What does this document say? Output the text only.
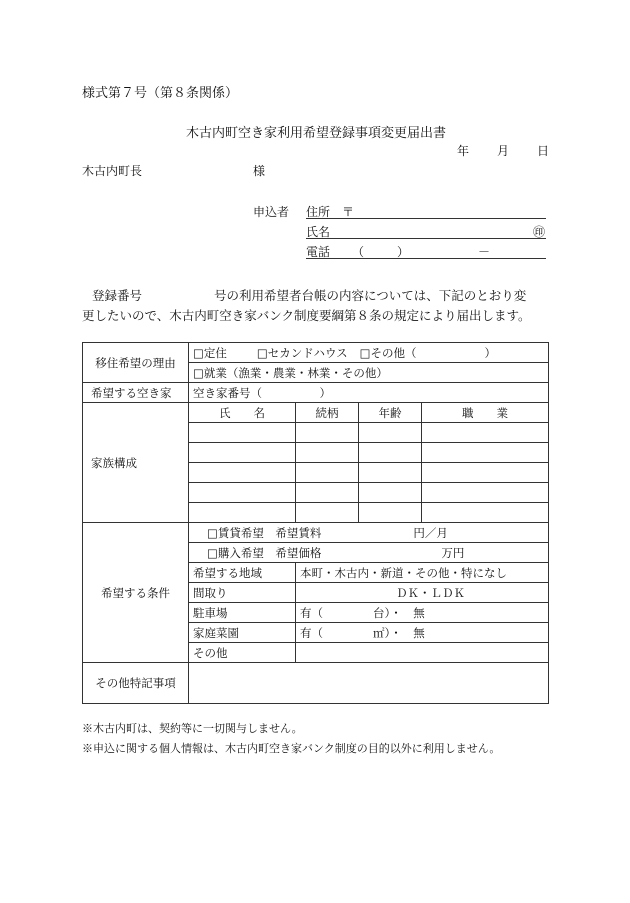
様式第７号（第８条関係）
木古内町空き家利用希望登録事項変更届出書
年 月 日
木古内町長	様
申込者 住所　〒
氏名	㊞
電話 （	）	－
登録番号	号の利用希望者台帳の内容については、下記のとおり変
更したいので、木古内町空き家バンク制度要綱第８条の規定により届出します。
移住希望の理由	□定住 □セカンドハウス □その他（ ）			
	□就業（漁業・農業・林業・その他）			
希望する空き家	空き家番号（　　　　　）			
家族構成	氏　　名	続柄	年齢	職　　業

希望する条件	□賃貸希望　希望賃料 円／月			
	□購入希望　希望価格 万円			
	希望する地域	本町・木古内・新道・その他・特になし		
	間取り	ＤＫ・ＬＤＫ		
	駐車場	有（ 台）・　無		
	家庭菜園	有（ ㎡）・　無		
	その他			
その他特記事項				
※木古内町は、契約等に一切関与しません。
※申込に関する個人情報は、木古内町空き家バンク制度の目的以外に利用しません。
